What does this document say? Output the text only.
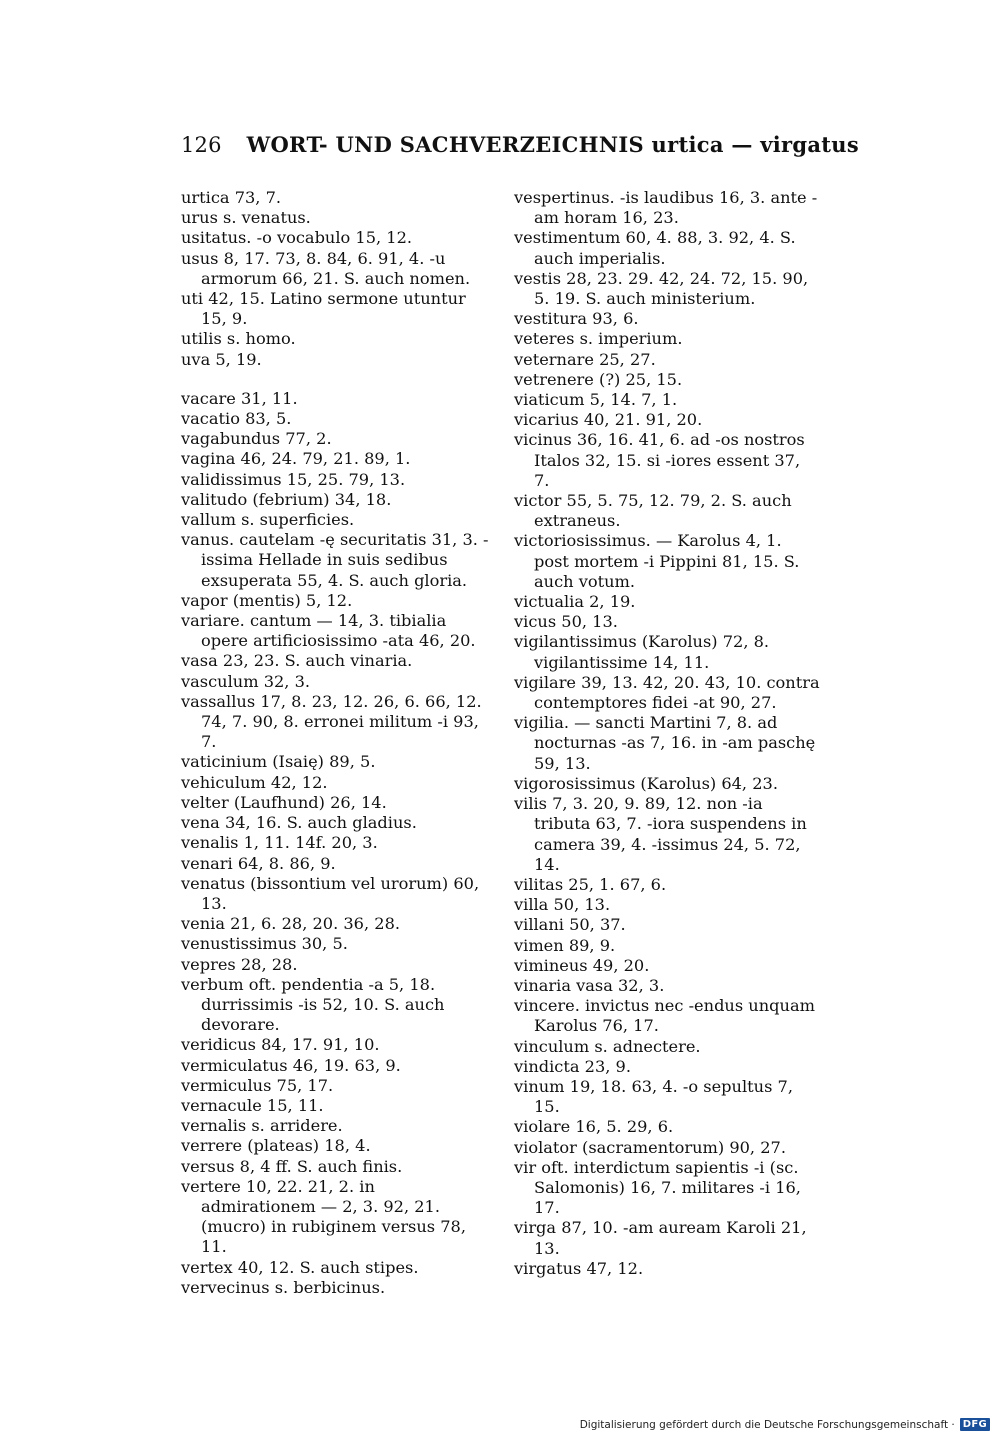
126 WORT- UND SACHVERZEICHNIS urtica — virgatus
urtica 73, 7.
urus s. venatus.
usitatus. -o vocabulo 15, 12.
usus 8, 17. 73, 8. 84, 6. 91, 4. -u armorum 66, 21. S. auch nomen.
uti 42, 15. Latino sermone utuntur 15, 9.
utilis s. homo.
uva 5, 19.
vacare 31, 11.
vacatio 83, 5.
vagabundus 77, 2.
vagina 46, 24. 79, 21. 89, 1.
validissimus 15, 25. 79, 13.
valitudo (febrium) 34, 18.
vallum s. superficies.
vanus. cautelam -ę securitatis 31, 3. -issima Hellade in suis sedibus exsuperata 55, 4. S. auch gloria.
vapor (mentis) 5, 12.
variare. cantum — 14, 3. tibialia opere artificiosissimo -ata 46, 20.
vasa 23, 23. S. auch vinaria.
vasculum 32, 3.
vassallus 17, 8. 23, 12. 26, 6. 66, 12. 74, 7. 90, 8. erronei militum -i 93, 7.
vaticinium (Isaię) 89, 5.
vehiculum 42, 12.
velter (Laufhund) 26, 14.
vena 34, 16. S. auch gladius.
venalis 1, 11. 14f. 20, 3.
venari 64, 8. 86, 9.
venatus (bissontium vel urorum) 60, 13.
venia 21, 6. 28, 20. 36, 28.
venustissimus 30, 5.
vepres 28, 28.
verbum oft. pendentia -a 5, 18. durrissimis -is 52, 10. S. auch devorare.
veridicus 84, 17. 91, 10.
vermiculatus 46, 19. 63, 9.
vermiculus 75, 17.
vernacule 15, 11.
vernalis s. arridere.
verrere (plateas) 18, 4.
versus 8, 4 ff. S. auch finis.
vertere 10, 22. 21, 2. in admirationem — 2, 3. 92, 21. (mucro) in rubiginem versus 78, 11.
vertex 40, 12. S. auch stipes.
vervecinus s. berbicinus.
vespertinus. -is laudibus 16, 3. ante -am horam 16, 23.
vestimentum 60, 4. 88, 3. 92, 4. S. auch imperialis.
vestis 28, 23. 29. 42, 24. 72, 15. 90, 5. 19. S. auch ministerium.
vestitura 93, 6.
veteres s. imperium.
veternare 25, 27.
vetrenere (?) 25, 15.
viaticum 5, 14. 7, 1.
vicarius 40, 21. 91, 20.
vicinus 36, 16. 41, 6. ad -os nostros Italos 32, 15. si -iores essent 37, 7.
victor 55, 5. 75, 12. 79, 2. S. auch extraneus.
victoriosissimus. — Karolus 4, 1. post mortem -i Pippini 81, 15. S. auch votum.
victualia 2, 19.
vicus 50, 13.
vigilantissimus (Karolus) 72, 8. vigilantissime 14, 11.
vigilare 39, 13. 42, 20. 43, 10. contra contemptores fidei -at 90, 27.
vigilia. — sancti Martini 7, 8. ad nocturnas -as 7, 16. in -am paschę 59, 13.
vigorosissimus (Karolus) 64, 23.
vilis 7, 3. 20, 9. 89, 12. non -ia tributa 63, 7. -iora suspendens in camera 39, 4. -issimus 24, 5. 72, 14.
vilitas 25, 1. 67, 6.
villa 50, 13.
villani 50, 37.
vimen 89, 9.
vimineus 49, 20.
vinaria vasa 32, 3.
vincere. invictus nec -endus unquam Karolus 76, 17.
vinculum s. adnectere.
vindicta 23, 9.
vinum 19, 18. 63, 4. -o sepultus 7, 15.
violare 16, 5. 29, 6.
violator (sacramentorum) 90, 27.
vir oft. interdictum sapientis -i (sc. Salomonis) 16, 7. militares -i 16, 17.
virga 87, 10. -am auream Karoli 21, 13.
virgatus 47, 12.
Digitalisierung gefördert durch die Deutsche Forschungsgemeinschaft · DFG
